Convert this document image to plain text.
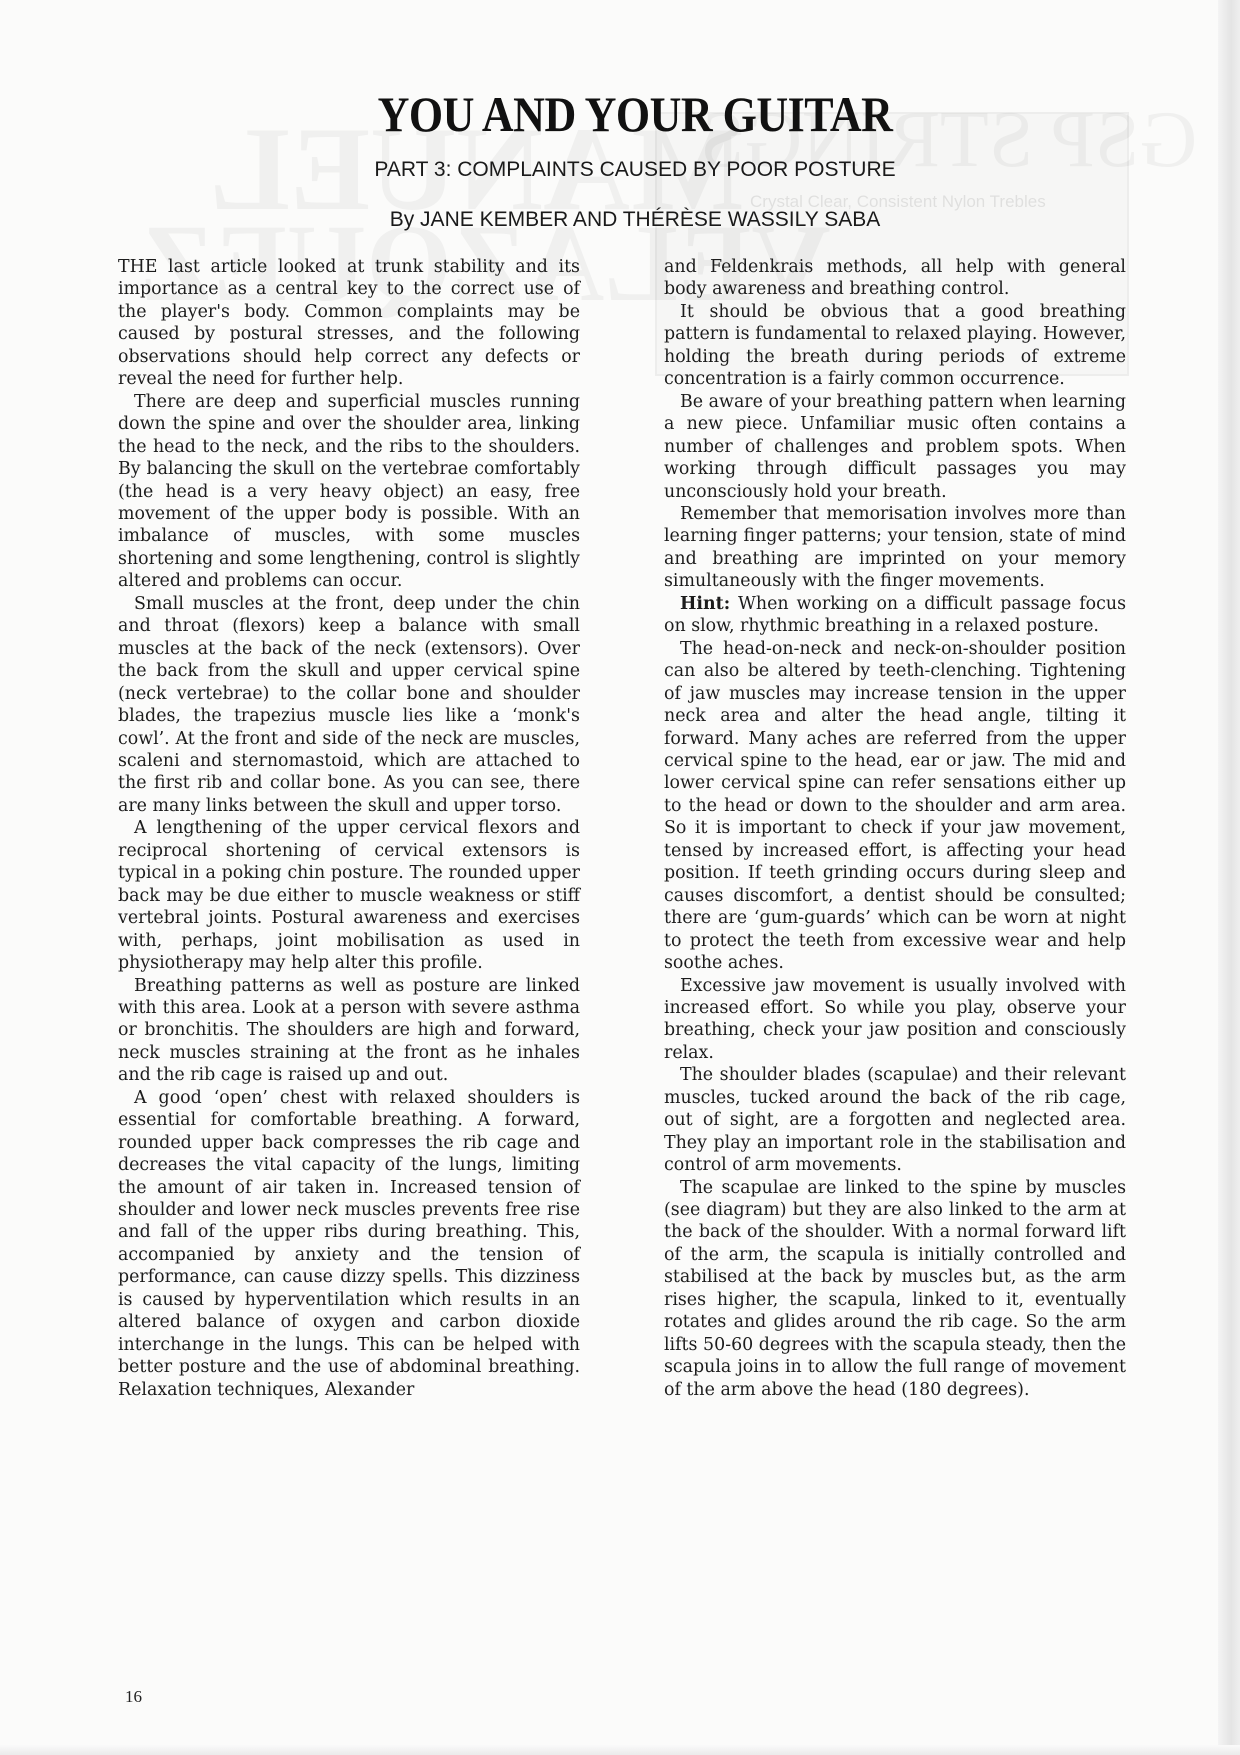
Crystal Clear, Consistent Nylon Trebles
YOU AND YOUR GUITAR
PART 3: COMPLAINTS CAUSED BY POOR POSTURE
By JANE KEMBER AND THÉRÈSE WASSILY SABA

THE last article looked at trunk stability and its importance as a central key to the correct use of the player's body. Common complaints may be caused by postural stresses, and the following observations should help correct any defects or reveal the need for further help.

There are deep and superficial muscles running down the spine and over the shoulder area, linking the head to the neck, and the ribs to the shoulders. By balancing the skull on the vertebrae comfortably (the head is a very heavy object) an easy, free movement of the upper body is possible. With an imbalance of muscles, with some muscles shortening and some lengthening, control is slightly altered and problems can occur.

Small muscles at the front, deep under the chin and throat (flexors) keep a balance with small muscles at the back of the neck (extensors). Over the back from the skull and upper cervical spine (neck vertebrae) to the collar bone and shoulder blades, the trapezius muscle lies like a ‘monk's cowl’. At the front and side of the neck are muscles, scaleni and sternomastoid, which are attached to the first rib and collar bone. As you can see, there are many links between the skull and upper torso.

A lengthening of the upper cervical flexors and reciprocal shortening of cervical extensors is typical in a poking chin posture. The rounded upper back may be due either to muscle weakness or stiff vertebral joints. Postural awareness and exercises with, perhaps, joint mobilisation as used in physiotherapy may help alter this profile.

Breathing patterns as well as posture are linked with this area. Look at a person with severe asthma or bronchitis. The shoulders are high and forward, neck muscles straining at the front as he inhales and the rib cage is raised up and out.

A good ‘open’ chest with relaxed shoulders is essential for comfortable breathing. A forward, rounded upper back compresses the rib cage and decreases the vital capacity of the lungs, limiting the amount of air taken in. Increased tension of shoulder and lower neck muscles prevents free rise and fall of the upper ribs during breathing. This, accompanied by anxiety and the tension of performance, can cause dizzy spells. This dizziness is caused by hyperventilation which results in an altered balance of oxygen and carbon dioxide interchange in the lungs. This can be helped with better posture and the use of abdominal breathing. Relaxation techniques, Alexander

and Feldenkrais methods, all help with general body awareness and breathing control.

It should be obvious that a good breathing pattern is fundamental to relaxed playing. However, holding the breath during periods of extreme concentration is a fairly common occurrence.

Be aware of your breathing pattern when learning a new piece. Unfamiliar music often contains a number of challenges and problem spots. When working through difficult passages you may unconsciously hold your breath.

Remember that memorisation involves more than learning finger patterns; your tension, state of mind and breathing are imprinted on your memory simultaneously with the finger movements.

Hint: When working on a difficult passage focus on slow, rhythmic breathing in a relaxed posture.

The head-on-neck and neck-on-shoulder position can also be altered by teeth-clenching. Tightening of jaw muscles may increase tension in the upper neck area and alter the head angle, tilting it forward. Many aches are referred from the upper cervical spine to the head, ear or jaw. The mid and lower cervical spine can refer sensations either up to the head or down to the shoulder and arm area. So it is important to check if your jaw movement, tensed by increased effort, is affecting your head position. If teeth grinding occurs during sleep and causes discomfort, a dentist should be consulted; there are ‘gum-guards’ which can be worn at night to protect the teeth from excessive wear and help soothe aches.

Excessive jaw movement is usually involved with increased effort. So while you play, observe your breathing, check your jaw position and consciously relax.

The shoulder blades (scapulae) and their relevant muscles, tucked around the back of the rib cage, out of sight, are a forgotten and neglected area. They play an important role in the stabilisation and control of arm movements.

The scapulae are linked to the spine by muscles (see diagram) but they are also linked to the arm at the back of the shoulder. With a normal forward lift of the arm, the scapula is initially controlled and stabilised at the back by muscles but, as the arm rises higher, the scapula, linked to it, eventually rotates and glides around the rib cage. So the arm lifts 50-60 degrees with the scapula steady, then the scapula joins in to allow the full range of movement of the arm above the head (180 degrees).

16
